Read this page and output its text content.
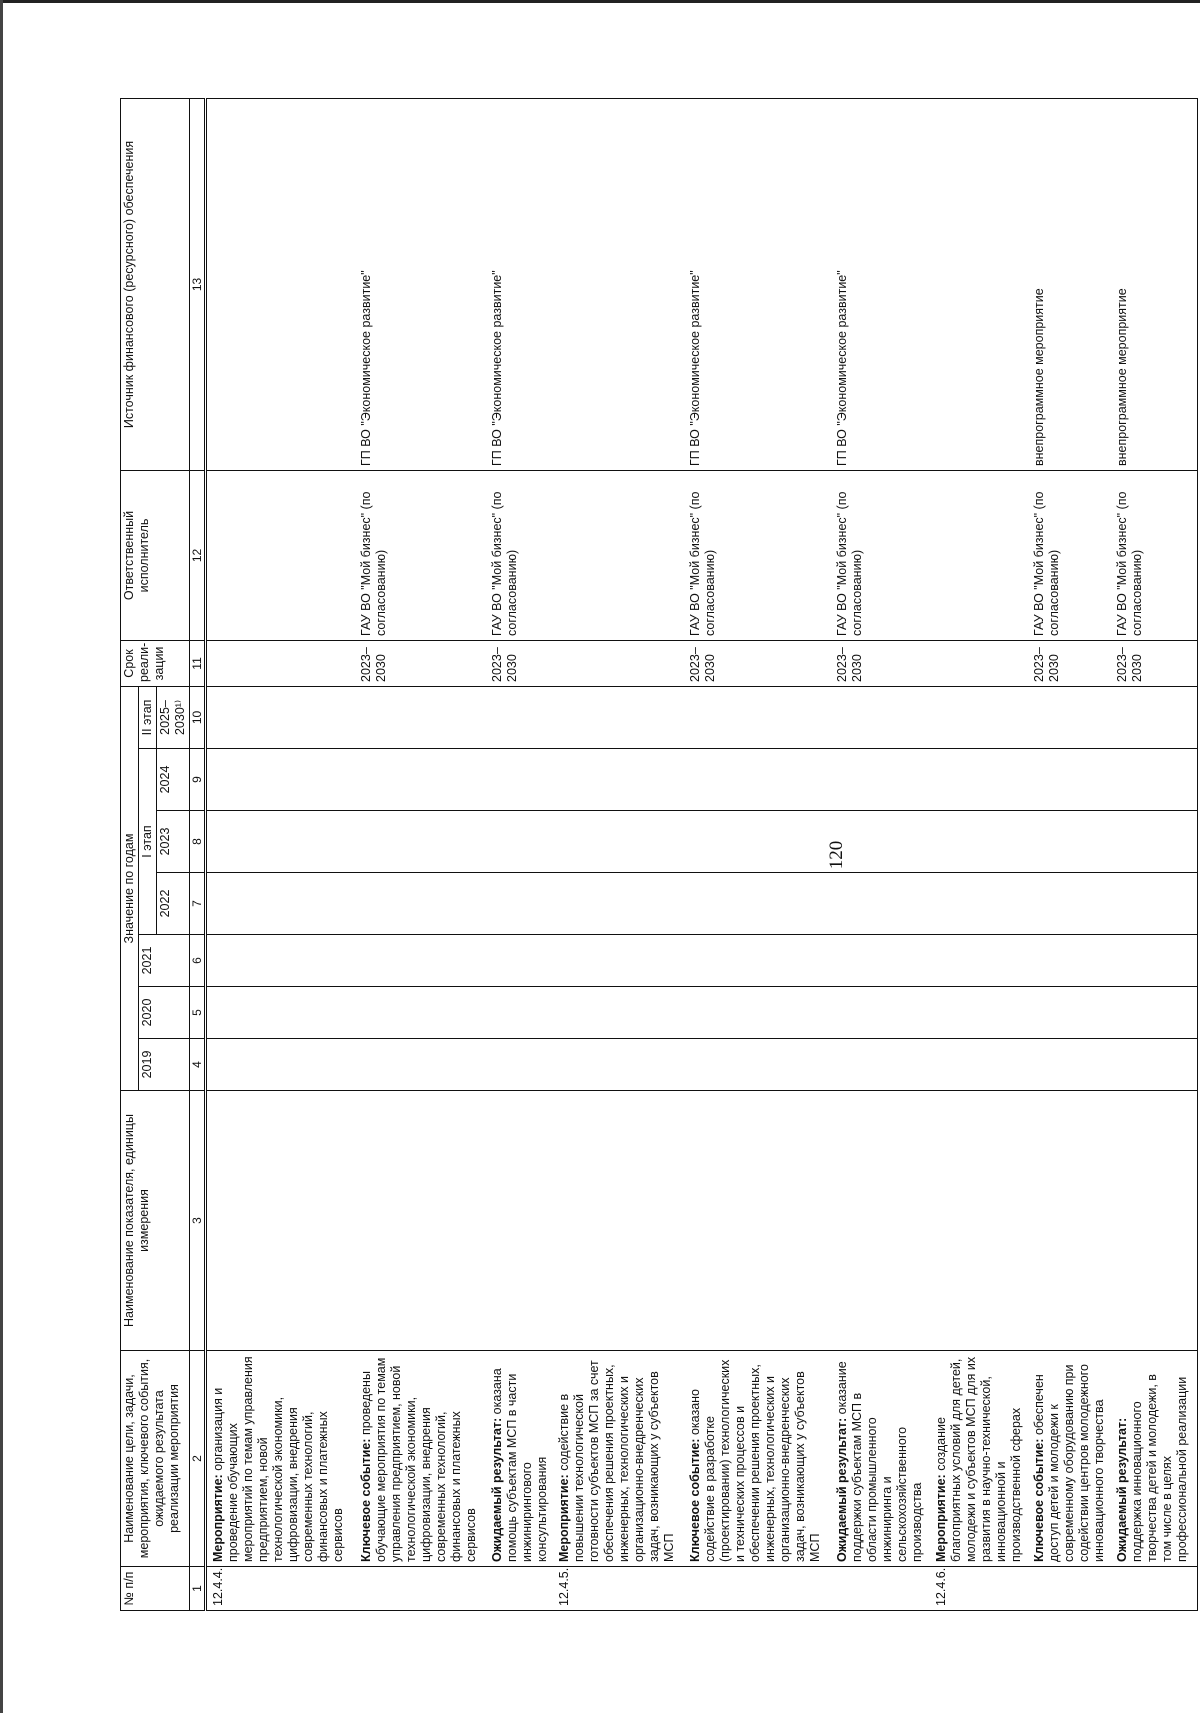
120
№ п/п	Наименование цели, задачи, мероприятия, ключевого события, ожидаемого результата реализации мероприятия	Наименование показателя, единицы измерения	Значение по годам							Срок реали-зации	Ответственный исполнитель	Источник финансового (ресурсного) обеспечения
			2019	2020	2021	I этап			II этап			
						2022	2023	2024	2025–2030¹⁾			
1	2	3	4	5	6	7	8	9	10	11	12	13
12.4.4.	Мероприятие: организация и проведение обучающих мероприятий по темам управления предприятием, новой технологической экономики, цифровизации, внедрения современных технологий, финансовых и платежных сервисов											
	Ключевое событие: проведены обучающие мероприятия по темам управления предприятием, новой технологической экономики, цифровизации, внедрения современных технологий, финансовых и платежных сервисов									2023–2030	ГАУ ВО "Мой бизнес" (по согласованию)	ГП ВО "Экономическое развитие"
	Ожидаемый результат: оказана помощь субъектам МСП в части инжинирингового консультирования									2023–2030	ГАУ ВО "Мой бизнес" (по согласованию)	ГП ВО "Экономическое развитие"
12.4.5.	Мероприятие: содействие в повышении технологической готовности субъектов МСП за счет обеспечения решения проектных, инженерных, технологических и организационно-внедренческих задач, возникающих у субъектов МСП											
	Ключевое событие: оказано содействие в разработке (проектировании) технологических и технических процессов и обеспечении решения проектных, инженерных, технологических и организационно-внедренческих задач, возникающих у субъектов МСП									2023–2030	ГАУ ВО "Мой бизнес" (по согласованию)	ГП ВО "Экономическое развитие"
	Ожидаемый результат: оказание поддержки субъектам МСП в области промышленного инжиниринга и сельскохозяйственного производства									2023–2030	ГАУ ВО "Мой бизнес" (по согласованию)	ГП ВО "Экономическое развитие"
12.4.6.	Мероприятие: создание благоприятных условий для детей, молодежи и субъектов МСП для их развития в научно-технической, инновационной и производственной сферах											
	Ключевое событие: обеспечен доступ детей и молодежи к современному оборудованию при содействии центров молодежного инновационного творчества									2023–2030	ГАУ ВО "Мой бизнес" (по согласованию)	внепрограммное мероприятие
	Ожидаемый результат: поддержка инновационного творчества детей и молодежи, в том числе в целях профессиональной реализации									2023–2030	ГАУ ВО "Мой бизнес" (по согласованию)	внепрограммное мероприятие
